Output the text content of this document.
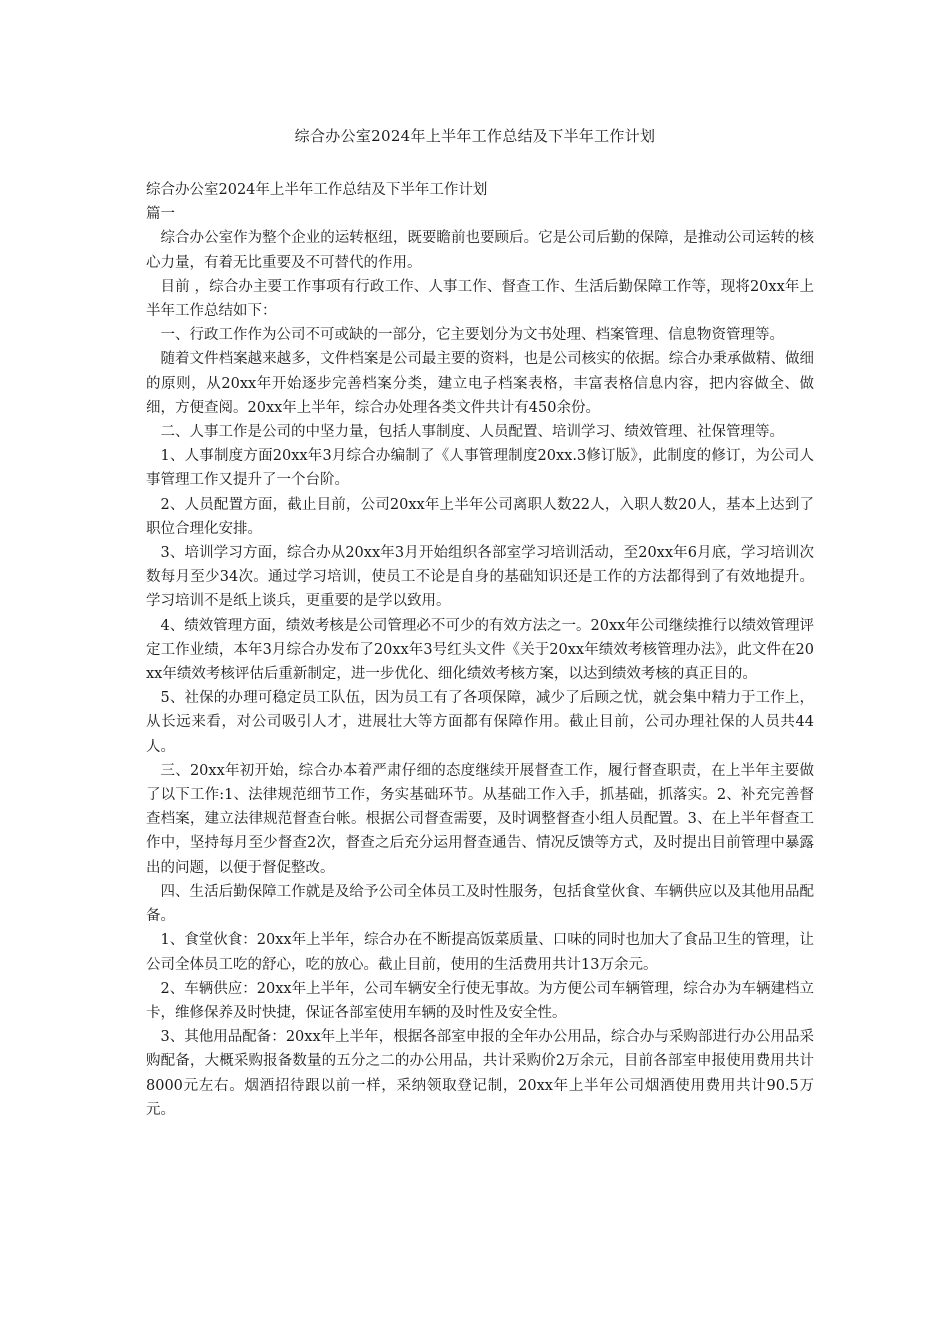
综合办公室2024年上半年工作总结及下半年工作计划

综合办公室2024年上半年工作总结及下半年工作计划

篇一

综合办公室作为整个企业的运转枢纽，既要瞻前也要顾后。它是公司后勤的保障，是推动公司运转的核心力量，有着无比重要及不可替代的作用。

目前 ，综合办主要工作事项有行政工作、人事工作、督查工作、生活后勤保障工作等，现将20xx年上半年工作总结如下：

一、行政工作作为公司不可或缺的一部分，它主要划分为文书处理、档案管理、信息物资管理等。

随着文件档案越来越多，文件档案是公司最主要的资料，也是公司核实的依据。综合办秉承做精、做细的原则，从20xx年开始逐步完善档案分类，建立电子档案表格，丰富表格信息内容，把内容做全、做细，方便查阅。20xx年上半年，综合办处理各类文件共计有450余份。

二、人事工作是公司的中坚力量，包括人事制度、人员配置、培训学习、绩效管理、社保管理等。

1、人事制度方面20xx年3月综合办编制了《人事管理制度20xx.3修订版》，此制度的修订，为公司人事管理工作又提升了一个台阶。

2、人员配置方面，截止目前，公司20xx年上半年公司离职人数22人，入职人数20人，基本上达到了职位合理化安排。

3、培训学习方面，综合办从20xx年3月开始组织各部室学习培训活动，至20xx年6月底，学习培训次数每月至少34次。通过学习培训，使员工不论是自身的基础知识还是工作的方法都得到了有效地提升。学习培训不是纸上谈兵，更重要的是学以致用。

4、绩效管理方面，绩效考核是公司管理必不可少的有效方法之一。20xx年公司继续推行以绩效管理评定工作业绩，本年3月综合办发布了20xx年3号红头文件《关于20xx年绩效考核管理办法》，此文件在20xx年绩效考核评估后重新制定，进一步优化、细化绩效考核方案，以达到绩效考核的真正目的。

5、社保的办理可稳定员工队伍，因为员工有了各项保障，减少了后顾之忧，就会集中精力于工作上，从长远来看，对公司吸引人才，进展壮大等方面都有保障作用。截止目前，公司办理社保的人员共44人。

三、20xx年初开始，综合办本着严肃仔细的态度继续开展督查工作，履行督查职责，在上半年主要做了以下工作:1、法律规范细节工作，务实基础环节。从基础工作入手，抓基础，抓落实。2、补充完善督查档案，建立法律规范督查台帐。根据公司督查需要，及时调整督查小组人员配置。3、在上半年督查工作中，坚持每月至少督查2次，督查之后充分运用督查通告、情况反馈等方式，及时提出目前管理中暴露出的问题，以便于督促整改。

四、生活后勤保障工作就是及给予公司全体员工及时性服务，包括食堂伙食、车辆供应以及其他用品配备。

1、食堂伙食：20xx年上半年，综合办在不断提高饭菜质量、口味的同时也加大了食品卫生的管理，让公司全体员工吃的舒心，吃的放心。截止目前，使用的生活费用共计13万余元。

2、车辆供应：20xx年上半年，公司车辆安全行使无事故。为方便公司车辆管理，综合办为车辆建档立卡，维修保养及时快捷，保证各部室使用车辆的及时性及安全性。

3、其他用品配备：20xx年上半年，根据各部室申报的全年办公用品，综合办与采购部进行办公用品采购配备，大概采购报备数量的五分之二的办公用品，共计采购价2万余元，目前各部室申报使用费用共计8000元左右。烟酒招待跟以前一样，采纳领取登记制，20xx年上半年公司烟酒使用费用共计90.5万元。
